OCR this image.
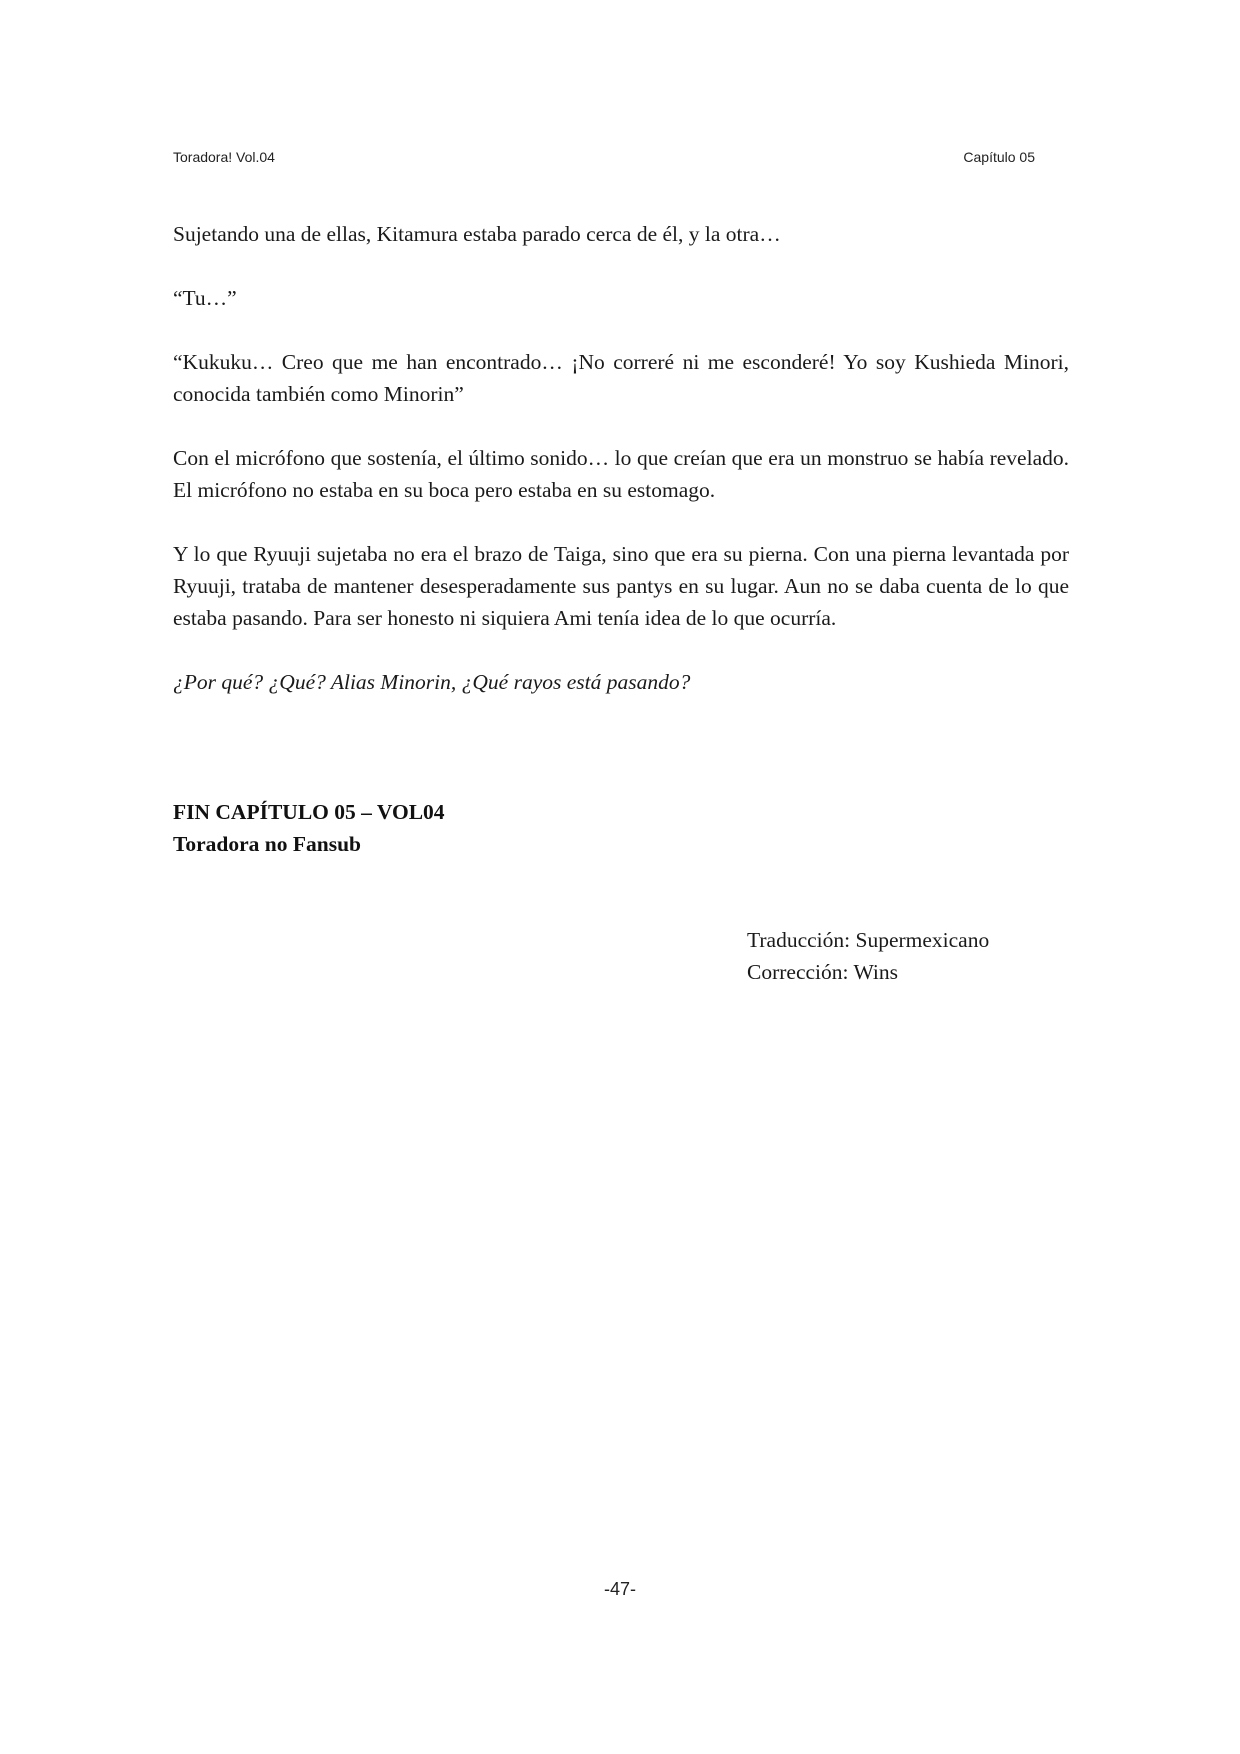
Toradora! Vol.04	Capítulo 05

Sujetando una de ellas, Kitamura estaba parado cerca de él, y la otra…

“Tu…”

“Kukuku… Creo que me han encontrado… ¡No correré ni me esconderé! Yo soy Kushieda Minori, conocida también como Minorin”

Con el micrófono que sostenía, el último sonido… lo que creían que era un monstruo se había revelado. El micrófono no estaba en su boca pero estaba en su estomago.

Y lo que Ryuuji sujetaba no era el brazo de Taiga, sino que era su pierna. Con una pierna levantada por Ryuuji, trataba de mantener desesperadamente sus pantys en su lugar. Aun no se daba cuenta de lo que estaba pasando. Para ser honesto ni siquiera Ami tenía idea de lo que ocurría.

¿Por qué? ¿Qué? Alias Minorin, ¿Qué rayos está pasando?

FIN CAPÍTULO 05 – VOL04
Toradora no Fansub
Traducción: Supermexicano
Corrección: Wins
-47-
